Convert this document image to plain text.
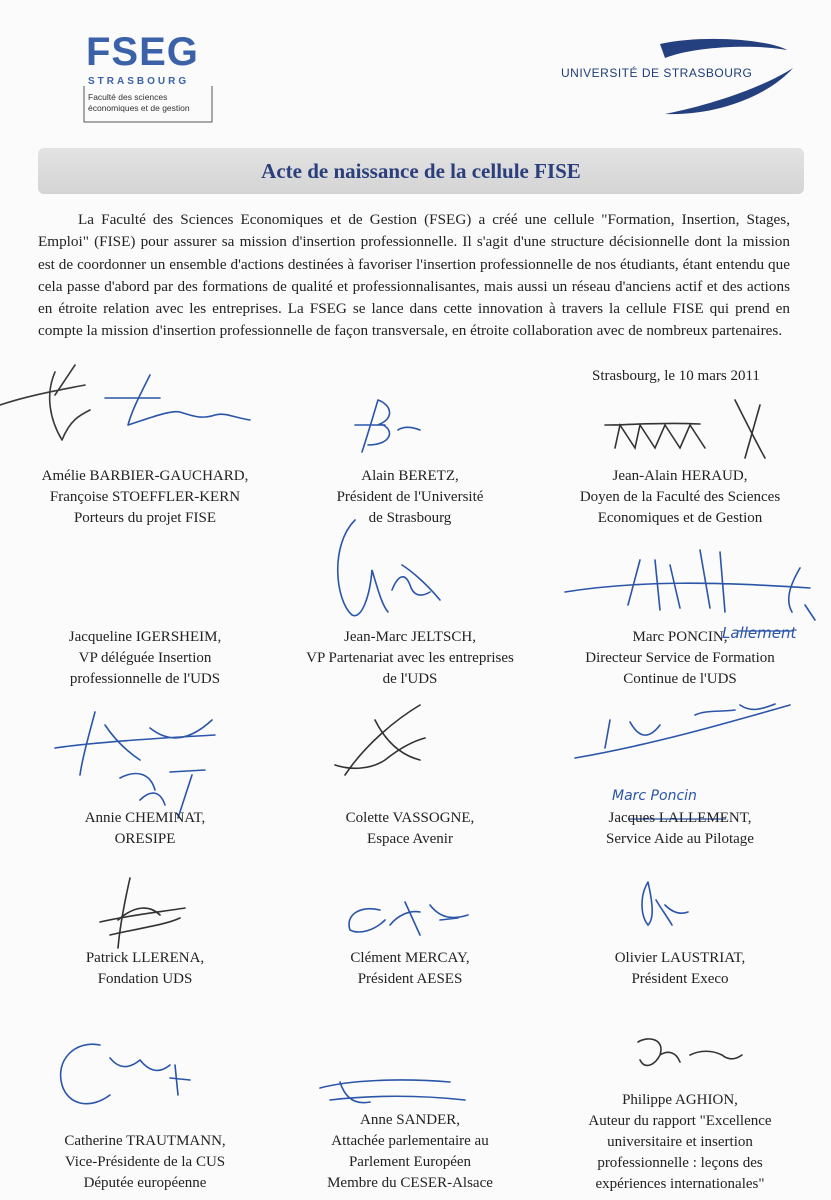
FSEG
STRASBOURG
Faculté des sciences économiques et de gestion
UNIVERSITÉ DE STRASBOURG
Acte de naissance de la cellule FISE
La Faculté des Sciences Economiques et de Gestion (FSEG) a créé une cellule "Formation, Insertion, Stages, Emploi" (FISE) pour assurer sa mission d'insertion professionnelle. Il s'agit d'une structure décisionnelle dont la mission est de coordonner un ensemble d'actions destinées à favoriser l'insertion professionnelle de nos étudiants, étant entendu que cela passe d'abord par des formations de qualité et professionnalisantes, mais aussi un réseau d'anciens actif et des actions en étroite relation avec les entreprises. La FSEG se lance dans cette innovation à travers la cellule FISE qui prend en compte la mission d'insertion professionnelle de façon transversale, en étroite collaboration avec de nombreux partenaires.
Strasbourg, le 10 mars 2011
Lallement
Marc Poncin
Amélie BARBIER-GAUCHARD,
Françoise STOEFFLER-KERN
Porteurs du projet FISE
Alain BERETZ,
Président de l'Université
de Strasbourg
Jean-Alain HERAUD,
Doyen de la Faculté des Sciences
Economiques et de Gestion
Jacqueline IGERSHEIM,
VP déléguée Insertion
professionnelle de l'UDS
Jean-Marc JELTSCH,
VP Partenariat avec les entreprises
de l'UDS
Marc PONCIN,
Directeur Service de Formation
Continue de l'UDS
Annie CHEMINAT,
ORESIPE
Colette VASSOGNE,
Espace Avenir
Jacques LALLEMENT,
Service Aide au Pilotage
Patrick LLERENA,
Fondation UDS
Clément MERCAY,
Président AESES
Olivier LAUSTRIAT,
Président Execo
Catherine TRAUTMANN,
Vice-Présidente de la CUS
Députée européenne
Anne SANDER,
Attachée parlementaire au
Parlement Européen
Membre du CESER-Alsace
Philippe AGHION,
Auteur du rapport "Excellence
universitaire et insertion
professionnelle : leçons des
expériences internationales"
